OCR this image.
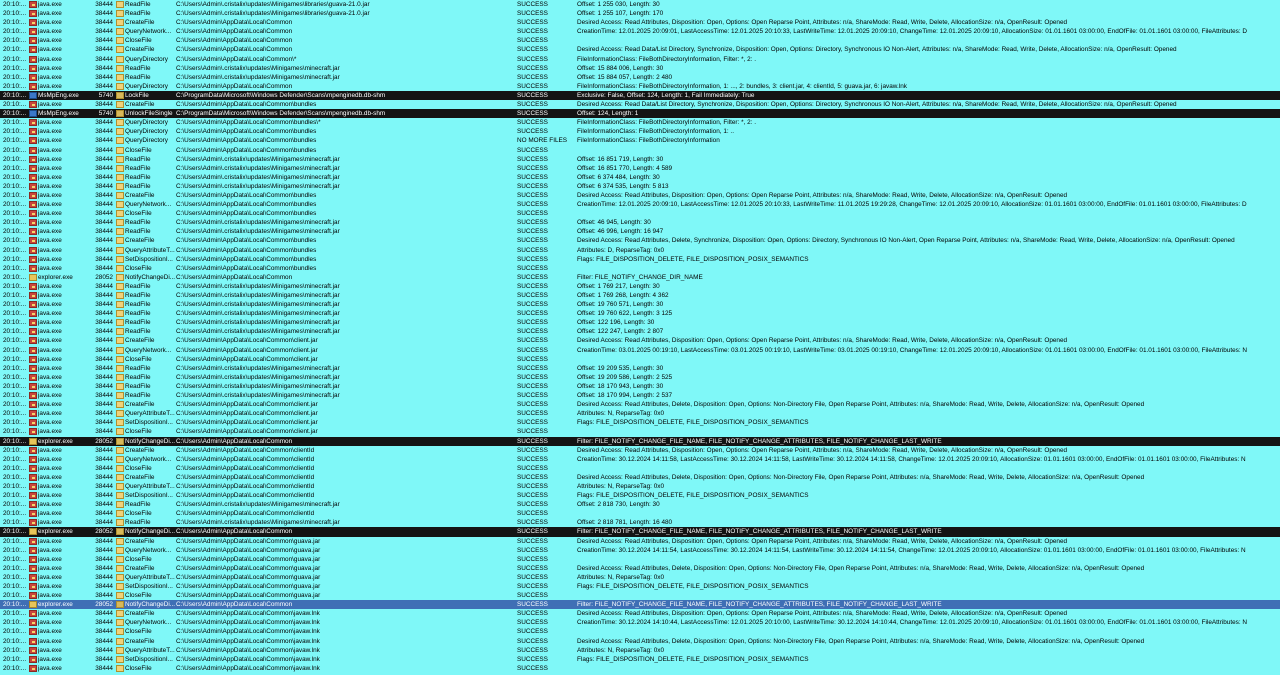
20:10:...	java.exe	38444 ReadFile	C:\Users\Admin\.cristalix\updates\Minigames\libraries\guava-21.0.jar	SUCCESS	Offset: 1 255 030, Length: 30
20:10:...	java.exe	38444 ReadFile	C:\Users\Admin\.cristalix\updates\Minigames\libraries\guava-21.0.jar	SUCCESS	Offset: 1 255 107, Length: 170
20:10:...	java.exe	38444 CreateFile	C:\Users\Admin\AppData\Local\Common	SUCCESS	Desired Access: Read Attributes, Disposition: Open, Options: Open Reparse Point, Attributes: n/a, ShareMode: Read, Write, Delete, AllocationSize: n/a, OpenResult: Opened
20:10:...	java.exe	38444 QueryNetwork... C:\Users\Admin\AppData\Local\Common	SUCCESS	CreationTime: 12.01.2025 20:09:01, LastAccessTime: 12.01.2025 20:10:33, LastWriteTime: 12.01.2025 20:09:10, ChangeTime: 12.01.2025 20:09:10, AllocationSize: 01.01.1601 03:00:00, EndOfFile: 01.01.1601 03:00:00, FileAttributes: D
20:10:...	java.exe	38444 CloseFile	C:\Users\Admin\AppData\Local\Common	SUCCESS
20:10:...	java.exe	38444 CreateFile	C:\Users\Admin\AppData\Local\Common	SUCCESS	Desired Access: Read Data/List Directory, Synchronize, Disposition: Open, Options: Directory, Synchronous IO Non-Alert, Attributes: n/a, ShareMode: Read, Write, Delete, AllocationSize: n/a, OpenResult: Opened
20:10:...	java.exe	38444 QueryDirectory	C:\Users\Admin\AppData\Local\Common\*	SUCCESS	FileInformationClass: FileBothDirectoryInformation, Filter: *, 2: .
20:10:...	java.exe	38444 ReadFile	C:\Users\Admin\.cristalix\updates\Minigames\minecraft.jar	SUCCESS	Offset: 15 884 006, Length: 30
20:10:...	java.exe	38444 ReadFile	C:\Users\Admin\.cristalix\updates\Minigames\minecraft.jar	SUCCESS	Offset: 15 884 057, Length: 2 480
20:10:...	java.exe	38444 QueryDirectory	C:\Users\Admin\AppData\Local\Common	SUCCESS	FileInformationClass: FileBothDirectoryInformation, 1: ..., 2: bundles, 3: client.jar, 4: clientId, 5: guava.jar, 6: javaw.lnk
20:10:...	MsMpEng.exe	5740 LockFile	C:\ProgramData\Microsoft\Windows Defender\Scans\mpenginedb.db-shm	SUCCESS	Exclusive: False, Offset: 124, Length: 1, Fail Immediately: True
20:10:...	java.exe	38444 CreateFile	C:\Users\Admin\AppData\Local\Common\bundles	SUCCESS	Desired Access: Read Data/List Directory, Synchronize, Disposition: Open, Options: Directory, Synchronous IO Non-Alert, Attributes: n/a, ShareMode: Read, Write, Delete, AllocationSize: n/a, OpenResult: Opened
20:10:...	MsMpEng.exe	5740 UnlockFileSingle C:\ProgramData\Microsoft\Windows Defender\Scans\mpenginedb.db-shm	SUCCESS	Offset: 124, Length: 1
20:10:...	java.exe	38444 QueryDirectory	C:\Users\Admin\AppData\Local\Common\bundles\*	SUCCESS	FileInformationClass: FileBothDirectoryInformation, Filter: *, 2: .
20:10:...	java.exe	38444 QueryDirectory	C:\Users\Admin\AppData\Local\Common\bundles	SUCCESS	FileInformationClass: FileBothDirectoryInformation, 1: ..
20:10:...	java.exe	38444 QueryDirectory	C:\Users\Admin\AppData\Local\Common\bundles	NO MORE FILES	FileInformationClass: FileBothDirectoryInformation
20:10:...	java.exe	38444 CloseFile	C:\Users\Admin\AppData\Local\Common\bundles	SUCCESS
20:10:...	java.exe	38444 ReadFile	C:\Users\Admin\.cristalix\updates\Minigames\minecraft.jar	SUCCESS	Offset: 16 851 719, Length: 30
20:10:...	java.exe	38444 ReadFile	C:\Users\Admin\.cristalix\updates\Minigames\minecraft.jar	SUCCESS	Offset: 16 851 770, Length: 4 589
20:10:...	java.exe	38444 ReadFile	C:\Users\Admin\.cristalix\updates\Minigames\minecraft.jar	SUCCESS	Offset: 6 374 484, Length: 30
20:10:...	java.exe	38444 ReadFile	C:\Users\Admin\.cristalix\updates\Minigames\minecraft.jar	SUCCESS	Offset: 6 374 535, Length: 5 813
20:10:...	java.exe	38444 CreateFile	C:\Users\Admin\AppData\Local\Common\bundles	SUCCESS	Desired Access: Read Attributes, Disposition: Open, Options: Open Reparse Point, Attributes: n/a, ShareMode: Read, Write, Delete, AllocationSize: n/a, OpenResult: Opened
20:10:...	java.exe	38444 QueryNetwork... C:\Users\Admin\AppData\Local\Common\bundles	SUCCESS	CreationTime: 12.01.2025 20:09:10, LastAccessTime: 12.01.2025 20:10:33, LastWriteTime: 11.01.2025 19:29:28, ChangeTime: 12.01.2025 20:09:10, AllocationSize: 01.01.1601 03:00:00, EndOfFile: 01.01.1601 03:00:00, FileAttributes: D
20:10:...	java.exe	38444 CloseFile	C:\Users\Admin\AppData\Local\Common\bundles	SUCCESS
20:10:...	java.exe	38444 ReadFile	C:\Users\Admin\.cristalix\updates\Minigames\minecraft.jar	SUCCESS	Offset: 46 945, Length: 30
20:10:...	java.exe	38444 ReadFile	C:\Users\Admin\.cristalix\updates\Minigames\minecraft.jar	SUCCESS	Offset: 46 996, Length: 16 947
20:10:...	java.exe	38444 CreateFile	C:\Users\Admin\AppData\Local\Common\bundles	SUCCESS	Desired Access: Read Attributes, Delete, Synchronize, Disposition: Open, Options: Directory, Synchronous IO Non-Alert, Open Reparse Point, Attributes: n/a, ShareMode: Read, Write, Delete, AllocationSize: n/a, OpenResult: Opened
20:10:...	java.exe	38444 QueryAttributeT... C:\Users\Admin\AppData\Local\Common\bundles	SUCCESS	Attributes: D, ReparseTag: 0x0
20:10:...	java.exe	38444 SetDispositionI... C:\Users\Admin\AppData\Local\Common\bundles	SUCCESS	Flags: FILE_DISPOSITION_DELETE, FILE_DISPOSITION_POSIX_SEMANTICS
20:10:...	java.exe	38444 CloseFile	C:\Users\Admin\AppData\Local\Common\bundles	SUCCESS
20:10:...	explorer.exe	28052 NotifyChangeDi... C:\Users\Admin\AppData\Local\Common	SUCCESS	Filter: FILE_NOTIFY_CHANGE_DIR_NAME
20:10:...	java.exe	38444 ReadFile	C:\Users\Admin\.cristalix\updates\Minigames\minecraft.jar	SUCCESS	Offset: 1 769 217, Length: 30
20:10:...	java.exe	38444 ReadFile	C:\Users\Admin\.cristalix\updates\Minigames\minecraft.jar	SUCCESS	Offset: 1 769 268, Length: 4 362
20:10:...	java.exe	38444 ReadFile	C:\Users\Admin\.cristalix\updates\Minigames\minecraft.jar	SUCCESS	Offset: 19 760 571, Length: 30
20:10:...	java.exe	38444 ReadFile	C:\Users\Admin\.cristalix\updates\Minigames\minecraft.jar	SUCCESS	Offset: 19 760 622, Length: 3 125
20:10:...	java.exe	38444 ReadFile	C:\Users\Admin\.cristalix\updates\Minigames\minecraft.jar	SUCCESS	Offset: 122 196, Length: 30
20:10:...	java.exe	38444 ReadFile	C:\Users\Admin\.cristalix\updates\Minigames\minecraft.jar	SUCCESS	Offset: 122 247, Length: 2 807
20:10:...	java.exe	38444 CreateFile	C:\Users\Admin\AppData\Local\Common\client.jar	SUCCESS	Desired Access: Read Attributes, Disposition: Open, Options: Open Reparse Point, Attributes: n/a, ShareMode: Read, Write, Delete, AllocationSize: n/a, OpenResult: Opened
20:10:...	java.exe	38444 QueryNetwork... C:\Users\Admin\AppData\Local\Common\client.jar	SUCCESS	CreationTime: 03.01.2025 00:19:10, LastAccessTime: 03.01.2025 00:19:10, LastWriteTime: 03.01.2025 00:19:10, ChangeTime: 12.01.2025 20:09:10, AllocationSize: 01.01.1601 03:00:00, EndOfFile: 01.01.1601 03:00:00, FileAttributes: N
20:10:...	java.exe	38444 CloseFile	C:\Users\Admin\AppData\Local\Common\client.jar	SUCCESS
20:10:...	java.exe	38444 ReadFile	C:\Users\Admin\.cristalix\updates\Minigames\minecraft.jar	SUCCESS	Offset: 19 209 535, Length: 30
20:10:...	java.exe	38444 ReadFile	C:\Users\Admin\.cristalix\updates\Minigames\minecraft.jar	SUCCESS	Offset: 19 209 586, Length: 2 525
20:10:...	java.exe	38444 ReadFile	C:\Users\Admin\.cristalix\updates\Minigames\minecraft.jar	SUCCESS	Offset: 18 170 943, Length: 30
20:10:...	java.exe	38444 ReadFile	C:\Users\Admin\.cristalix\updates\Minigames\minecraft.jar	SUCCESS	Offset: 18 170 994, Length: 2 537
20:10:...	java.exe	38444 CreateFile	C:\Users\Admin\AppData\Local\Common\client.jar	SUCCESS	Desired Access: Read Attributes, Delete, Disposition: Open, Options: Non-Directory File, Open Reparse Point, Attributes: n/a, ShareMode: Read, Write, Delete, AllocationSize: n/a, OpenResult: Opened
20:10:...	java.exe	38444 QueryAttributeT... C:\Users\Admin\AppData\Local\Common\client.jar	SUCCESS	Attributes: N, ReparseTag: 0x0
20:10:...	java.exe	38444 SetDispositionI... C:\Users\Admin\AppData\Local\Common\client.jar	SUCCESS	Flags: FILE_DISPOSITION_DELETE, FILE_DISPOSITION_POSIX_SEMANTICS
20:10:...	java.exe	38444 CloseFile	C:\Users\Admin\AppData\Local\Common\client.jar	SUCCESS
20:10:...	explorer.exe	28052 NotifyChangeDi... C:\Users\Admin\AppData\Local\Common	SUCCESS	Filter: FILE_NOTIFY_CHANGE_FILE_NAME, FILE_NOTIFY_CHANGE_ATTRIBUTES, FILE_NOTIFY_CHANGE_LAST_WRITE
20:10:...	java.exe	38444 CreateFile	C:\Users\Admin\AppData\Local\Common\clientId	SUCCESS	Desired Access: Read Attributes, Disposition: Open, Options: Open Reparse Point, Attributes: n/a, ShareMode: Read, Write, Delete, AllocationSize: n/a, OpenResult: Opened
20:10:...	java.exe	38444 QueryNetwork... C:\Users\Admin\AppData\Local\Common\clientId	SUCCESS	CreationTime: 30.12.2024 14:11:58, LastAccessTime: 30.12.2024 14:11:58, LastWriteTime: 30.12.2024 14:11:58, ChangeTime: 12.01.2025 20:09:10, AllocationSize: 01.01.1601 03:00:00, EndOfFile: 01.01.1601 03:00:00, FileAttributes: N
20:10:...	java.exe	38444 CloseFile	C:\Users\Admin\AppData\Local\Common\clientId	SUCCESS
20:10:...	java.exe	38444 CreateFile	C:\Users\Admin\AppData\Local\Common\clientId	SUCCESS	Desired Access: Read Attributes, Delete, Disposition: Open, Options: Non-Directory File, Open Reparse Point, Attributes: n/a, ShareMode: Read, Write, Delete, AllocationSize: n/a, OpenResult: Opened
20:10:...	java.exe	38444 QueryAttributeT... C:\Users\Admin\AppData\Local\Common\clientId	SUCCESS	Attributes: N, ReparseTag: 0x0
20:10:...	java.exe	38444 SetDispositionI... C:\Users\Admin\AppData\Local\Common\clientId	SUCCESS	Flags: FILE_DISPOSITION_DELETE, FILE_DISPOSITION_POSIX_SEMANTICS
20:10:...	java.exe	38444 ReadFile	C:\Users\Admin\.cristalix\updates\Minigames\minecraft.jar	SUCCESS	Offset: 2 818 730, Length: 30
20:10:...	java.exe	38444 CloseFile	C:\Users\Admin\AppData\Local\Common\clientId	SUCCESS
20:10:...	java.exe	38444 ReadFile	C:\Users\Admin\.cristalix\updates\Minigames\minecraft.jar	SUCCESS	Offset: 2 818 781, Length: 16 480
20:10:...	explorer.exe	28052 NotifyChangeDi... C:\Users\Admin\AppData\Local\Common	SUCCESS	Filter: FILE_NOTIFY_CHANGE_FILE_NAME, FILE_NOTIFY_CHANGE_ATTRIBUTES, FILE_NOTIFY_CHANGE_LAST_WRITE
20:10:...	java.exe	38444 CreateFile	C:\Users\Admin\AppData\Local\Common\guava.jar	SUCCESS	Desired Access: Read Attributes, Disposition: Open, Options: Open Reparse Point, Attributes: n/a, ShareMode: Read, Write, Delete, AllocationSize: n/a, OpenResult: Opened
20:10:...	java.exe	38444 QueryNetwork... C:\Users\Admin\AppData\Local\Common\guava.jar	SUCCESS	CreationTime: 30.12.2024 14:11:54, LastAccessTime: 30.12.2024 14:11:54, LastWriteTime: 30.12.2024 14:11:54, ChangeTime: 12.01.2025 20:09:10, AllocationSize: 01.01.1601 03:00:00, EndOfFile: 01.01.1601 03:00:00, FileAttributes: N
20:10:...	java.exe	38444 CloseFile	C:\Users\Admin\AppData\Local\Common\guava.jar	SUCCESS
20:10:...	java.exe	38444 CreateFile	C:\Users\Admin\AppData\Local\Common\guava.jar	SUCCESS	Desired Access: Read Attributes, Delete, Disposition: Open, Options: Non-Directory File, Open Reparse Point, Attributes: n/a, ShareMode: Read, Write, Delete, AllocationSize: n/a, OpenResult: Opened
20:10:...	java.exe	38444 QueryAttributeT... C:\Users\Admin\AppData\Local\Common\guava.jar	SUCCESS	Attributes: N, ReparseTag: 0x0
20:10:...	java.exe	38444 SetDispositionI... C:\Users\Admin\AppData\Local\Common\guava.jar	SUCCESS	Flags: FILE_DISPOSITION_DELETE, FILE_DISPOSITION_POSIX_SEMANTICS
20:10:...	java.exe	38444 CloseFile	C:\Users\Admin\AppData\Local\Common\guava.jar	SUCCESS
20:10:...	explorer.exe	28052 NotifyChangeDi... C:\Users\Admin\AppData\Local\Common	SUCCESS	Filter: FILE_NOTIFY_CHANGE_FILE_NAME, FILE_NOTIFY_CHANGE_ATTRIBUTES, FILE_NOTIFY_CHANGE_LAST_WRITE
20:10:...	java.exe	38444 CreateFile	C:\Users\Admin\AppData\Local\Common\javaw.lnk	SUCCESS	Desired Access: Read Attributes, Disposition: Open, Options: Open Reparse Point, Attributes: n/a, ShareMode: Read, Write, Delete, AllocationSize: n/a, OpenResult: Opened
20:10:...	java.exe	38444 QueryNetwork... C:\Users\Admin\AppData\Local\Common\javaw.lnk	SUCCESS	CreationTime: 30.12.2024 14:10:44, LastAccessTime: 12.01.2025 20:10:00, LastWriteTime: 30.12.2024 14:10:44, ChangeTime: 12.01.2025 20:09:10, AllocationSize: 01.01.1601 03:00:00, EndOfFile: 01.01.1601 03:00:00, FileAttributes: N
20:10:...	java.exe	38444 CloseFile	C:\Users\Admin\AppData\Local\Common\javaw.lnk	SUCCESS
20:10:...	java.exe	38444 CreateFile	C:\Users\Admin\AppData\Local\Common\javaw.lnk	SUCCESS	Desired Access: Read Attributes, Delete, Disposition: Open, Options: Non-Directory File, Open Reparse Point, Attributes: n/a, ShareMode: Read, Write, Delete, AllocationSize: n/a, OpenResult: Opened
20:10:...	java.exe	38444 QueryAttributeT... C:\Users\Admin\AppData\Local\Common\javaw.lnk	SUCCESS	Attributes: N, ReparseTag: 0x0
20:10:...	java.exe	38444 SetDispositionI... C:\Users\Admin\AppData\Local\Common\javaw.lnk	SUCCESS	Flags: FILE_DISPOSITION_DELETE, FILE_DISPOSITION_POSIX_SEMANTICS
20:10:...	java.exe	38444 CloseFile	C:\Users\Admin\AppData\Local\Common\javaw.lnk	SUCCESS
